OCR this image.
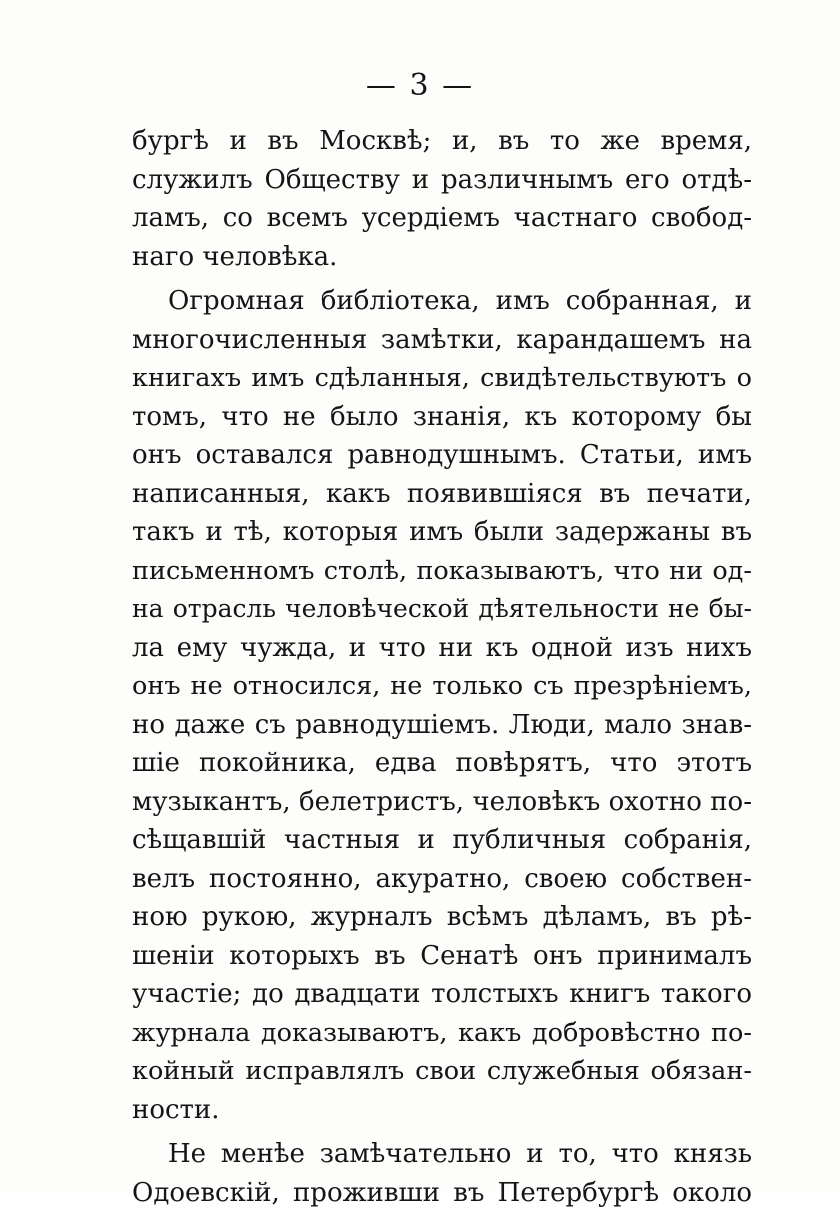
— 3 —
бургѣ и въ Москвѣ; и, въ то же время,
служилъ Обществу и различнымъ его отдѣ-
ламъ, со всемъ усердіемъ частнаго свобод-
наго человѣка.
Огромная библіотека, имъ собранная, и
многочисленныя замѣтки, карандашемъ на
книгахъ имъ сдѣланныя, свидѣтельствуютъ о
томъ, что не было знанія, къ которому бы
онъ оставался равнодушнымъ. Статьи, имъ
написанныя, какъ появившіяся въ печати,
такъ и тѣ, которыя имъ были задержаны въ
письменномъ столѣ, показываютъ, что ни од-
на отрасль человѣческой дѣятельности не бы-
ла ему чужда, и что ни къ одной изъ нихъ
онъ не относился, не только съ презрѣніемъ,
но даже съ равнодушіемъ. Люди, мало знав-
шіе покойника, едва повѣрятъ, что этотъ
музыкантъ, белетристъ, человѣкъ охотно по-
сѣщавшій частныя и публичныя собранія,
велъ постоянно, акуратно, своею собствен-
ною рукою, журналъ всѣмъ дѣламъ, въ рѣ-
шеніи которыхъ въ Сенатѣ онъ принималъ
участіе; до двадцати толстыхъ книгъ такого
журнала доказываютъ, какъ добровѣстно по-
койный исправлялъ свои служебныя обязан-
ности.
Не менѣе замѣчательно и то, что князь
Одоевскій, проживши въ Петербургѣ около
